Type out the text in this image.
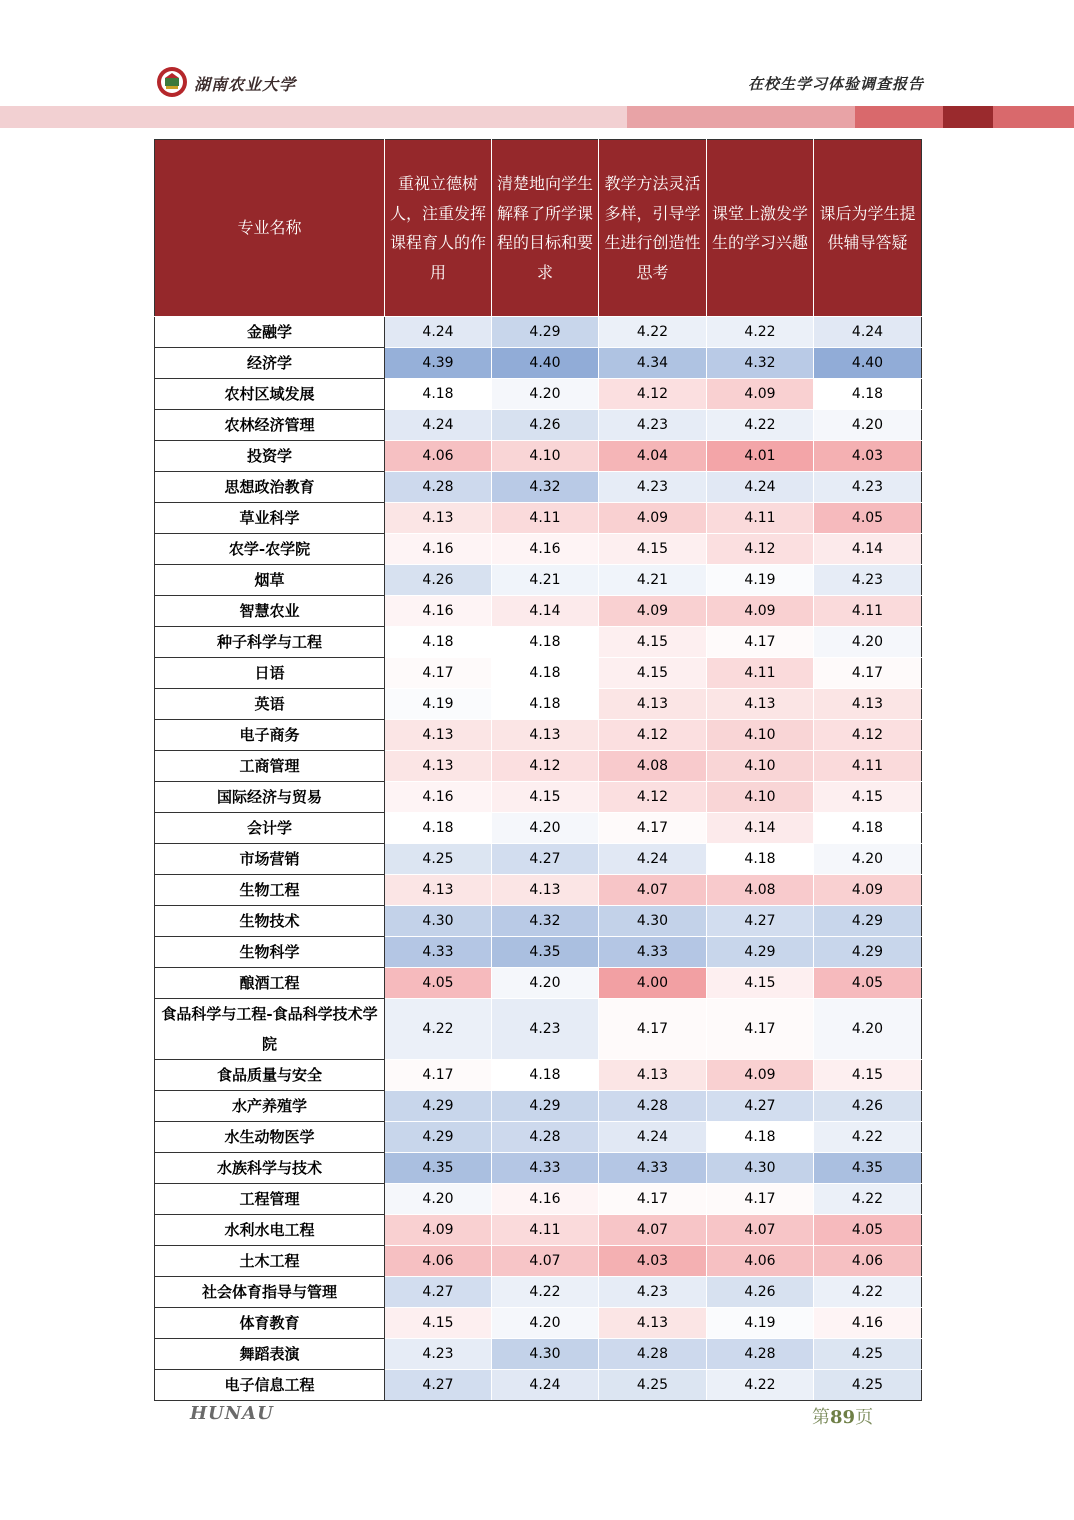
湖南农业大学	在校生学习体验调查报告
专业名称	重视立德树人，注重发挥课程育人的作用	清楚地向学生解释了所学课程的目标和要求	教学方法灵活多样，引导学生进行创造性思考	课堂上激发学生的学习兴趣	课后为学生提供辅导答疑
金融学	4.24	4.29	4.22	4.22	4.24
经济学	4.39	4.40	4.34	4.32	4.40
农村区域发展	4.18	4.20	4.12	4.09	4.18
农林经济管理	4.24	4.26	4.23	4.22	4.20
投资学	4.06	4.10	4.04	4.01	4.03
思想政治教育	4.28	4.32	4.23	4.24	4.23
草业科学	4.13	4.11	4.09	4.11	4.05
农学-农学院	4.16	4.16	4.15	4.12	4.14
烟草	4.26	4.21	4.21	4.19	4.23
智慧农业	4.16	4.14	4.09	4.09	4.11
种子科学与工程	4.18	4.18	4.15	4.17	4.20
日语	4.17	4.18	4.15	4.11	4.17
英语	4.19	4.18	4.13	4.13	4.13
电子商务	4.13	4.13	4.12	4.10	4.12
工商管理	4.13	4.12	4.08	4.10	4.11
国际经济与贸易	4.16	4.15	4.12	4.10	4.15
会计学	4.18	4.20	4.17	4.14	4.18
市场营销	4.25	4.27	4.24	4.18	4.20
生物工程	4.13	4.13	4.07	4.08	4.09
生物技术	4.30	4.32	4.30	4.27	4.29
生物科学	4.33	4.35	4.33	4.29	4.29
酿酒工程	4.05	4.20	4.00	4.15	4.05
食品科学与工程-食品科学技术学院	4.22	4.23	4.17	4.17	4.20
食品质量与安全	4.17	4.18	4.13	4.09	4.15
水产养殖学	4.29	4.29	4.28	4.27	4.26
水生动物医学	4.29	4.28	4.24	4.18	4.22
水族科学与技术	4.35	4.33	4.33	4.30	4.35
工程管理	4.20	4.16	4.17	4.17	4.22
水利水电工程	4.09	4.11	4.07	4.07	4.05
土木工程	4.06	4.07	4.03	4.06	4.06
社会体育指导与管理	4.27	4.22	4.23	4.26	4.22
体育教育	4.15	4.20	4.13	4.19	4.16
舞蹈表演	4.23	4.30	4.28	4.28	4.25
电子信息工程	4.27	4.24	4.25	4.22	4.25
HUNAU	第89页
